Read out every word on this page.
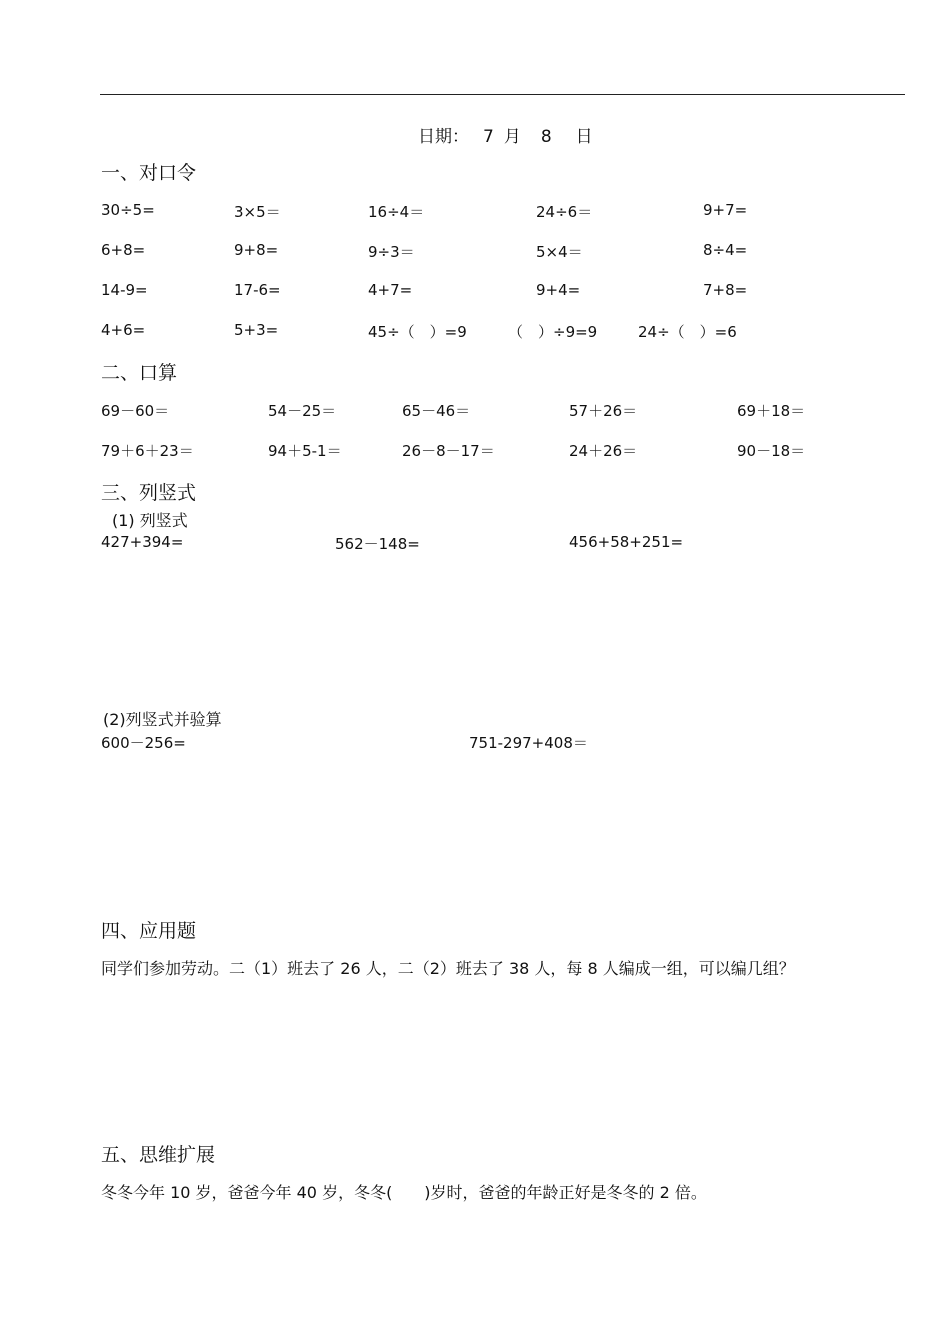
日期： 7 月 8 日
一、对口令
30÷5=	3×5＝	16÷4＝	24÷6＝	9+7=
6+8=	9+8=	9÷3＝	5×4＝	8÷4=
14-9=	17-6=	4+7=	9+4=	7+8=
4+6=	5+3=	45÷（　）=9	（　）÷9=9	24÷（　）=6
二、口算
69－60＝	54－25＝	65－46＝	57＋26＝	69＋18＝
79＋6＋23＝	94＋5-1＝	26－8－17＝	24＋26＝	90－18＝
三、列竖式
(1) 列竖式
427+394=	562－148=	456+58+251=
(2)列竖式并验算
600－256=	751-297+408＝
四、应用题
同学们参加劳动。二（1）班去了 26 人，二（2）班去了 38 人，每 8 人编成一组，可以编几组？
五、思维扩展
冬冬今年 10 岁，爸爸今年 40 岁，冬冬(　　)岁时，爸爸的年龄正好是冬冬的 2 倍。
